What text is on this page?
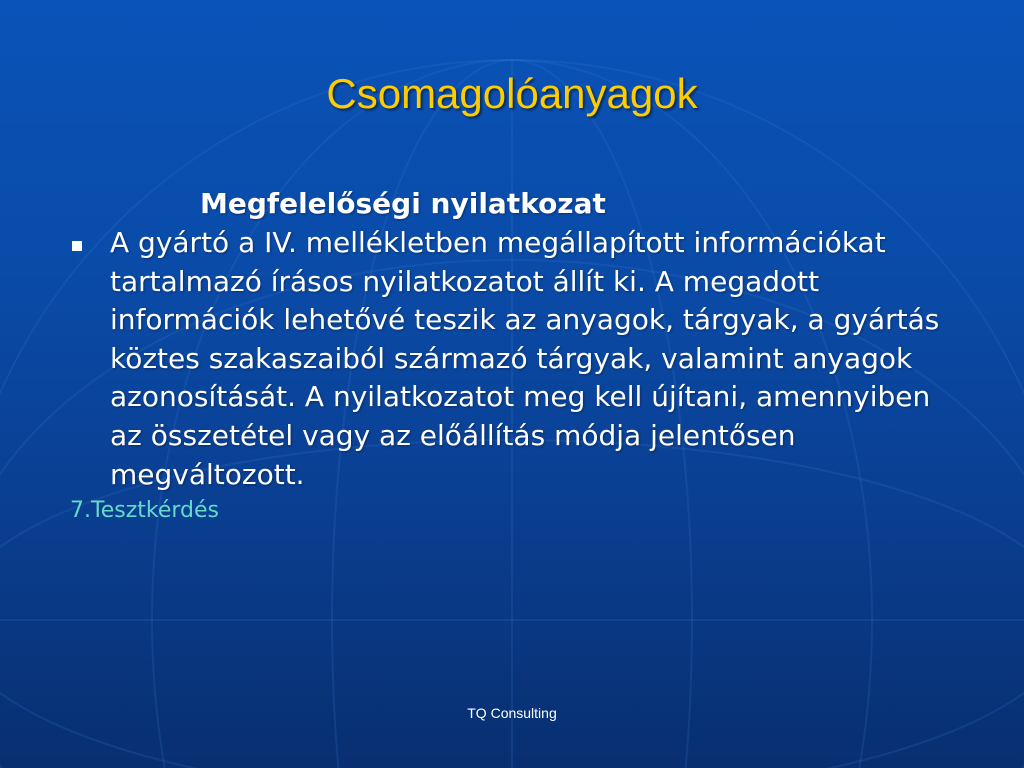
Csomagolóanyagok
Megfelelőségi nyilatkozat
A gyártó a IV. mellékletben megállapított információkat tartalmazó írásos nyilatkozatot állít ki. A megadott információk lehetővé teszik az anyagok, tárgyak, a gyártás köztes szakaszaiból származó tárgyak, valamint anyagok azonosítását. A nyilatkozatot meg kell újítani, amennyiben az összetétel vagy az előállítás módja jelentősen megváltozott.
7.Tesztkérdés
TQ Consulting
